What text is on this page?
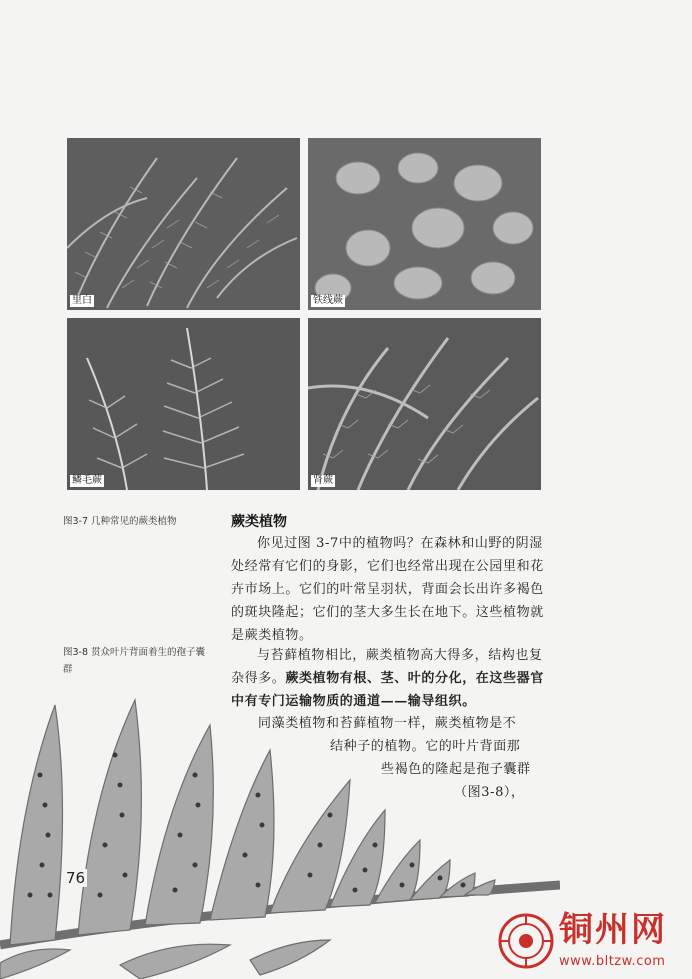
里白	铁线蕨
鳞毛蕨	肾蕨
图3-7 几种常见的蕨类植物
图3-8 贯众叶片背面着生的孢子囊群
蕨类植物

你见过图 3-7中的植物吗？在森林和山野的阴湿处经常有它们的身影，它们也经常出现在公园里和花卉市场上。它们的叶常呈羽状，背面会长出许多褐色的斑块隆起；它们的茎大多生长在地下。这些植物就是蕨类植物。

与苔藓植物相比，蕨类植物高大得多，结构也复杂得多。蕨类植物有根、茎、叶的分化，在这些器官中有专门运输物质的通道——输导组织。

同藻类植物和苔藓植物一样，蕨类植物是不
结种子的植物。它的叶片背面那
些褐色的隆起是孢子囊群
（图3-8），
76
铜州网
www.bltzw.com
